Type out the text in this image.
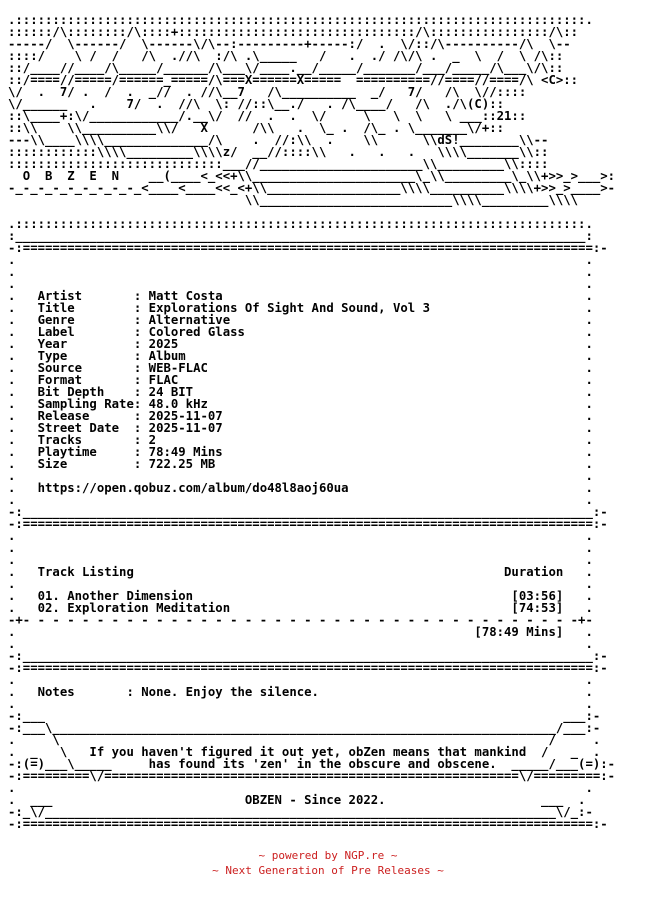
.:::::::::::::::::::::::::::::::::::::::::::::::::::::::::::::::::::::::::::::.
::::::/\::::::::/\::::+::::::::::::::::::::::::::::::::/\::::::::::::::::/\::
-----/  \------/  \------\/\--:---------+-----:/  .  \/::/\----------/\  \--
::::/    \ /  /   /\  .//\  :/\ .\_____   /   .  ./ /\/\ .  _  \  /  \ /\::
::/____//____/\_____/______/\___\/____.__/_____/_______/___/_____/\___\/\::
::/====//=====/======_=====/\===X======X=====  ==========//====//====/\ <C>::
\/  .  7/ .  /  .  _//  . //\__7   /\__________  _/   7/   /\  \//::::
\/______   .    7/  .  //\  \: //::\__./   . /\____/   /\  ./\(C)::
::\____+:\/____________/.__\/  //  .  .  \/     \   \  \   \ ___::21::
::\\    \\__________\\/   X      /\\   .  \_ .  /\_ . \_______\/+::
---\\____\\\\______________/\    .  //:\\  .    \\      \\dS!________\\--
::::::::::::\\\\_________\\\\z/  __//::::\\   .   .   .   \\\\_______\\::
:::::::::::::::::::::::::::::___//______________________\\_________\\::::
O  B  Z  E  N    __(____<_<<+\\______________________\_\\_________\_\\+>>_>___>:
-_-_-_-_-_-_-_-_-_<____<____<<_<+\\__________________\\\\__________\\\\+>>_>____>-
\\__________________________\\\\_________\\\\

.:::::::::::::::::::::::::::::::::::::::::::::::::::::::::::::::::::::::::::::.
:_____________________________________________________________________________:
-:=============================================================================:-
.                                                                             .
.                                                                             .
.                                                                             .
.   Artist       : Matt Costa                                                 .
.   Title        : Explorations Of Sight And Sound, Vol 3                     .
.   Genre        : Alternative                                                .
.   Label        : Colored Glass                                              .
.   Year         : 2025                                                       .
.   Type         : Album                                                      .
.   Source       : WEB-FLAC                                                   .
.   Format       : FLAC                                                       .
.   Bit Depth    : 24 BIT                                                     .
.   Sampling Rate: 48.0 kHz                                                   .
.   Release      : 2025-11-07                                                 .
.   Street Date  : 2025-11-07                                                 .
.   Tracks       : 2                                                          .
.   Playtime     : 78:49 Mins                                                 .
.   Size         : 722.25 MB                                                  .
.                                                                             .
.   https://open.qobuz.com/album/do48l8aoj60ua                                .
.                                                                             .
-:_____________________________________________________________________________:-
-:=============================================================================:-
.                                                                             .
.                                                                             .
.                                                                             .
.   Track Listing                                                  Duration   .
.                                                                             .
.   01. Another Dimension                                           [03:56]   .
.   02. Exploration Meditation                                      [74:53]   .
-+- - - - - - - - - - - - - - - - - - - - - - - - - - - - - - - - - - - - - -+-
.                                                              [78:49 Mins]   .
.                                                                             .
-:_____________________________________________________________________________:-
-:=============================================================================:-
.                                                                             .
.   Notes       : None. Enjoy the silence.                                    .
.                                                                             .
-:___                                                                      ___:-
-:___\____________________________________________________________________/___:-
.     \                                                                  /     .
.  _   \   If you haven't figured it out yet, obZen means that mankind  /   _  .
-:(=)___\_____     has found its 'zen' in the obscure and obscene.  _____/___(=):-
-:=========\/========================================================\/=========:-
.                                                                             .
.  ___                          OBZEN - Since 2022.                     ___  .
-:_\/_____________________________________________________________________\/_:-
-:=============================================================================:-
~ powered by NGP.re ~
~ Next Generation of Pre Releases ~
